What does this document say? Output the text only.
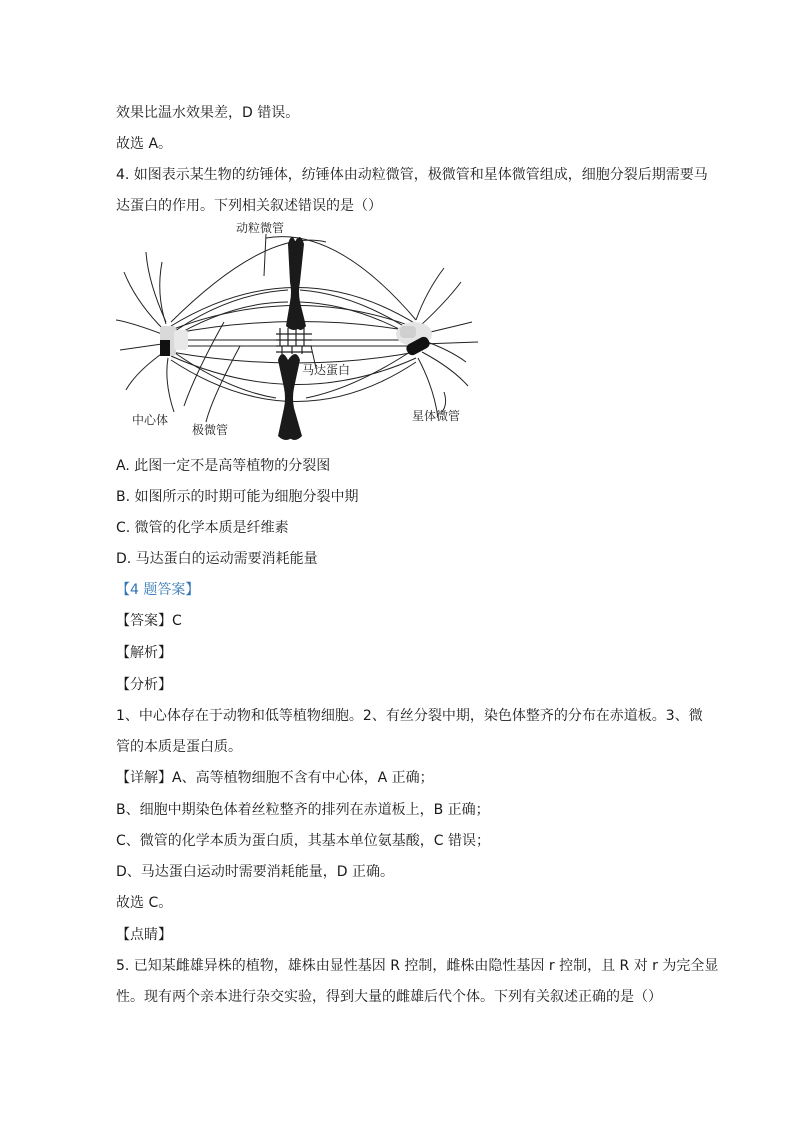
效果比温水效果差，D 错误。

故选 A。

4. 如图表示某生物的纺锤体，纺锤体由动粒微管，极微管和星体微管组成，细胞分裂后期需要马

达蛋白的作用。下列相关叙述错误的是（）

动粒微管
马达蛋白
中心体
极微管
星体微管

A. 此图一定不是高等植物的分裂图

B. 如图所示的时期可能为细胞分裂中期

C. 微管的化学本质是纤维素

D. 马达蛋白的运动需要消耗能量

【4 题答案】

【答案】C

【解析】

【分析】

1、中心体存在于动物和低等植物细胞。2、有丝分裂中期，染色体整齐的分布在赤道板。3、微

管的本质是蛋白质。

【详解】A、高等植物细胞不含有中心体，A 正确；

B、细胞中期染色体着丝粒整齐的排列在赤道板上，B 正确；

C、微管的化学本质为蛋白质，其基本单位氨基酸，C 错误；

D、马达蛋白运动时需要消耗能量，D 正确。

故选 C。

【点睛】

5. 已知某雌雄异株的植物，雄株由显性基因 R 控制，雌株由隐性基因 r 控制，且 R 对 r 为完全显

性。现有两个亲本进行杂交实验，得到大量的雌雄后代个体。下列有关叙述正确的是（）
